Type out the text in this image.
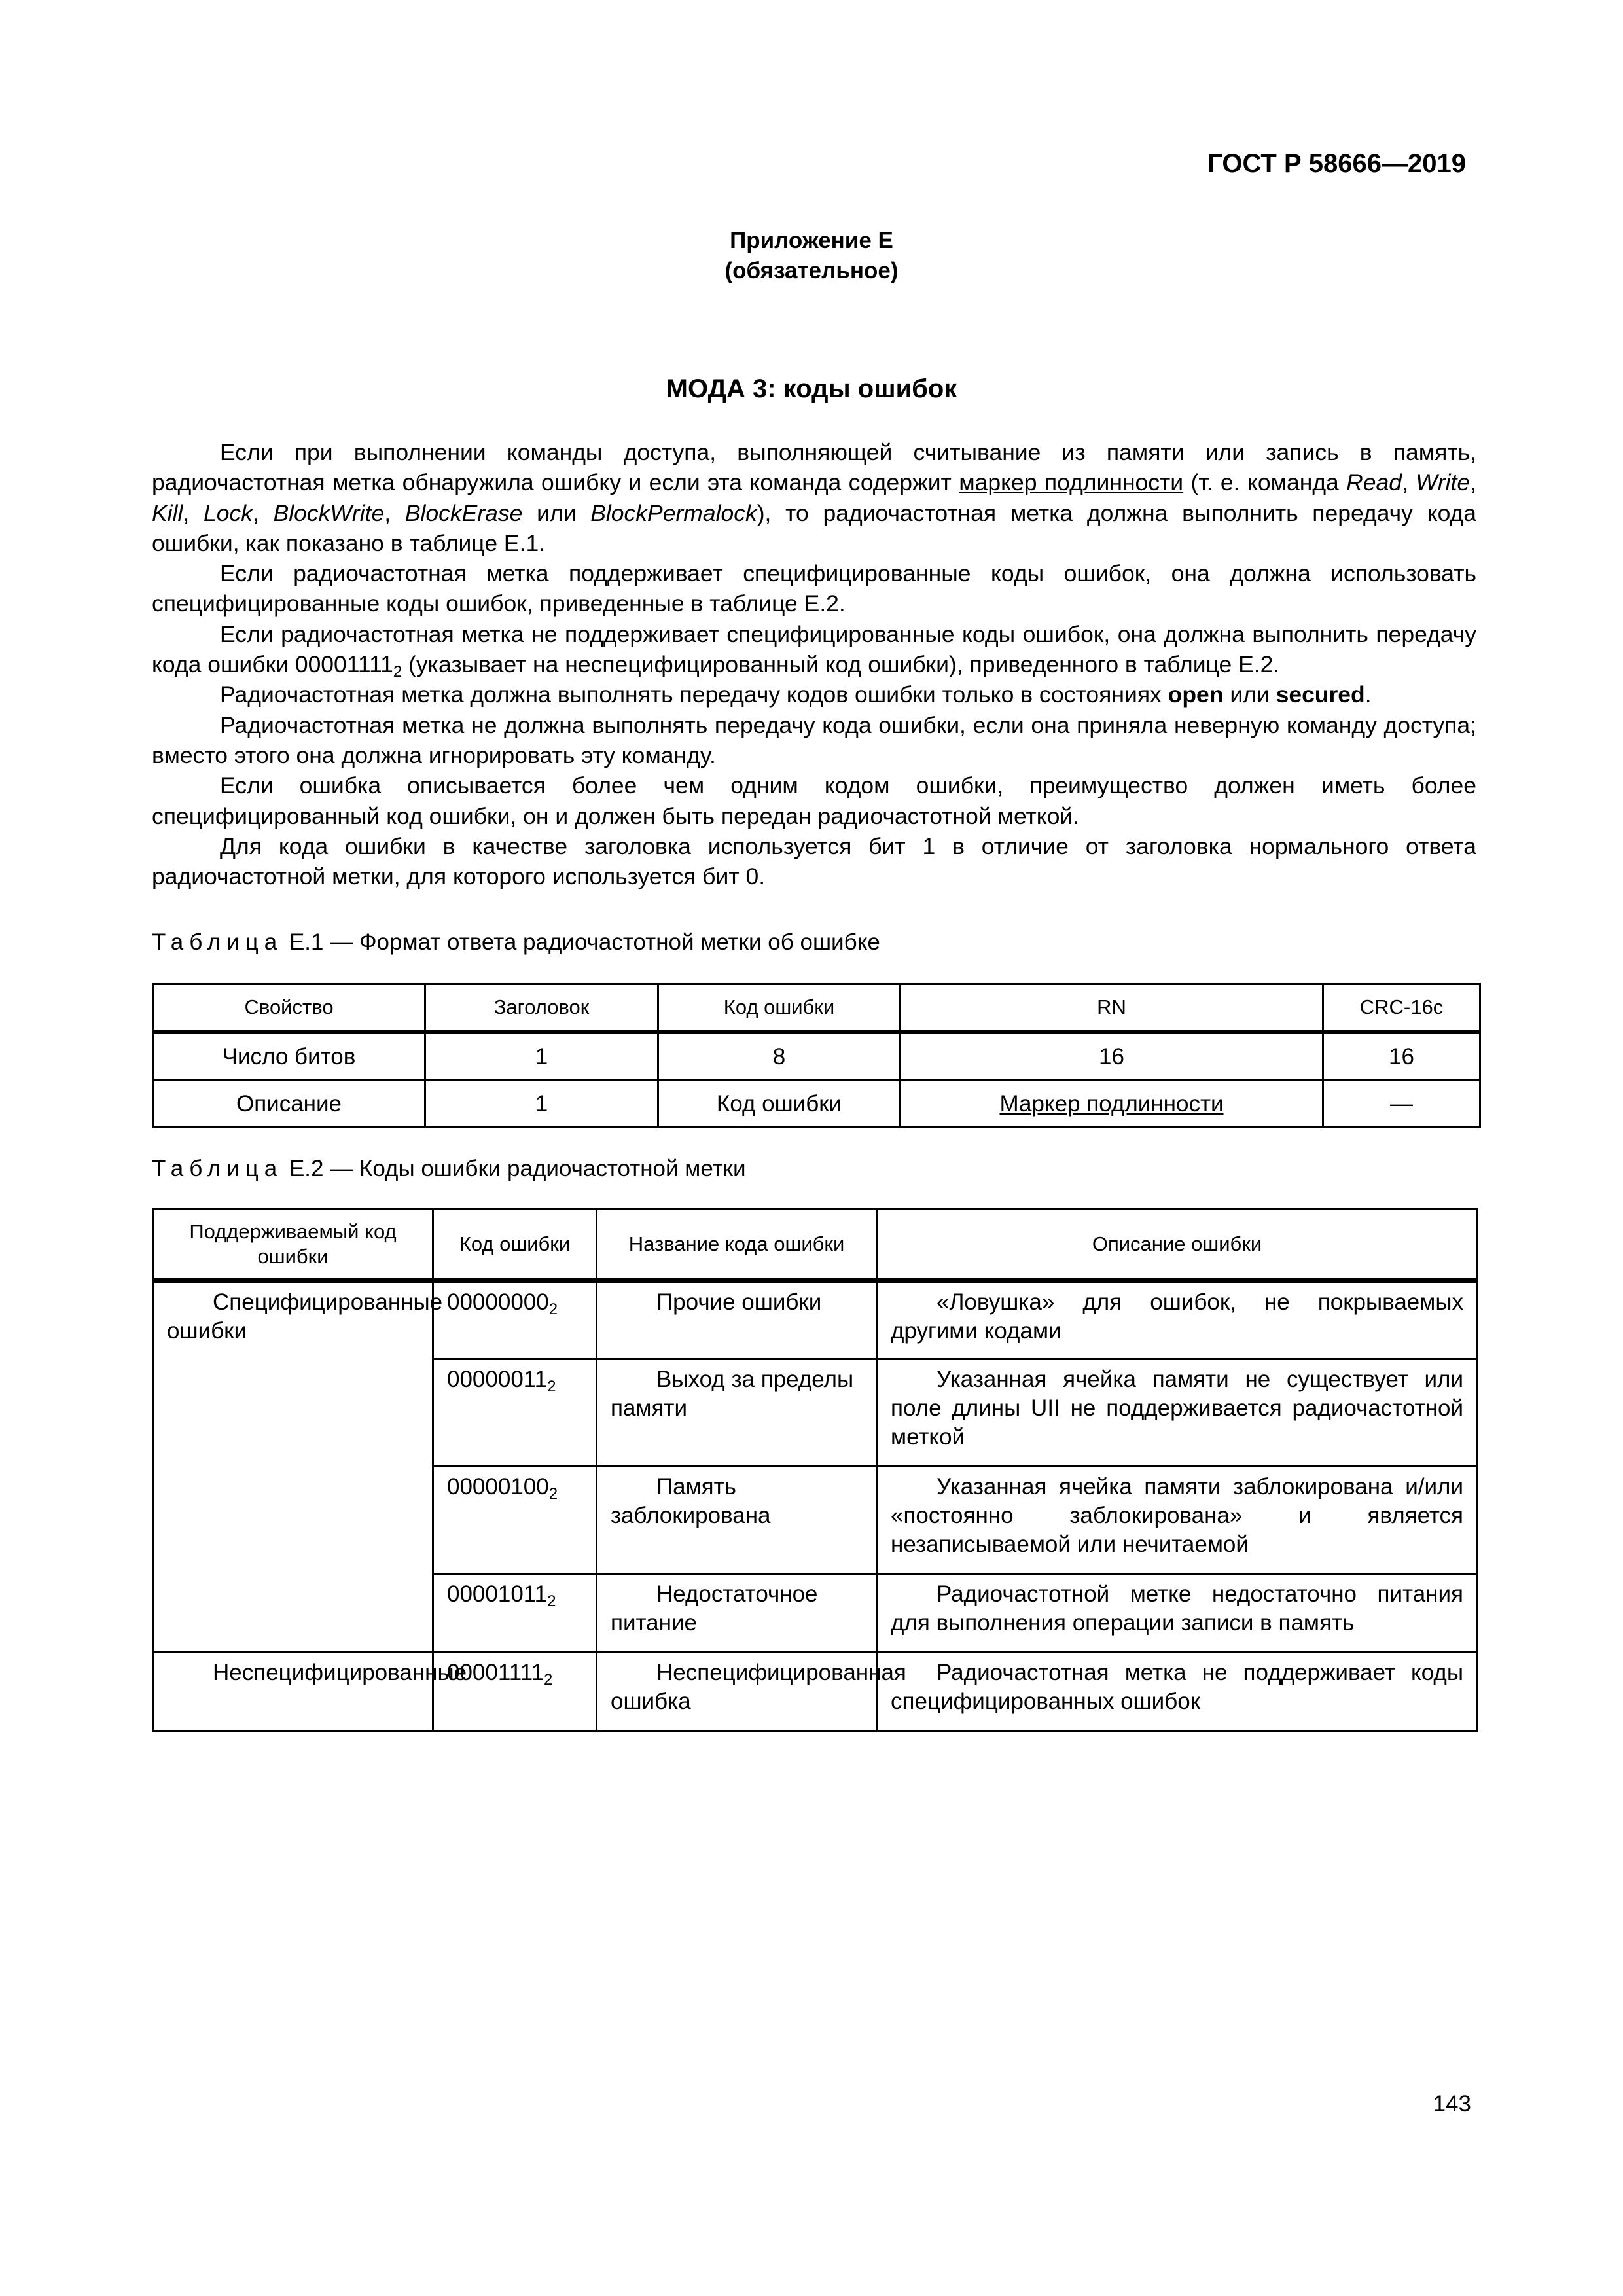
ГОСТ Р 58666—2019
Приложение Е
(обязательное)
МОДА 3: коды ошибок

Если при выполнении команды доступа, выполняющей считывание из памяти или запись в память, радиочастотная метка обнаружила ошибку и если эта команда содержит маркер подлинности (т. е. команда Read, Write, Kill, Lock, BlockWrite, BlockErase или BlockPermalock), то радиочастотная метка должна выполнить передачу кода ошибки, как показано в таблице Е.1.

Если радиочастотная метка поддерживает специфицированные коды ошибок, она должна использовать специфицированные коды ошибок, приведенные в таблице Е.2.

Если радиочастотная метка не поддерживает специфицированные коды ошибок, она должна выполнить передачу кода ошибки $00001111_2$ (указывает на неспецифицированный код ошибки), приведенного в таблице Е.2.

Радиочастотная метка должна выполнять передачу кодов ошибки только в состояниях open или secured.

Радиочастотная метка не должна выполнять передачу кода ошибки, если она приняла неверную команду доступа; вместо этого она должна игнорировать эту команду.

Если ошибка описывается более чем одним кодом ошибки, преимущество должен иметь более специфицированный код ошибки, он и должен быть передан радиочастотной меткой.

Для кода ошибки в качестве заголовка используется бит 1 в отличие от заголовка нормального ответа радиочастотной метки, для которого используется бит 0.

Таблица Е.1 — Формат ответа радиочастотной метки об ошибке
Свойство	Заголовок	Код ошибки	RN	CRC-16c
Число битов	1	8	16	16
Описание	1	Код ошибки	Маркер подлинности	—
Таблица Е.2 — Коды ошибки радиочастотной метки
Поддерживаемый код ошибки	Код ошибки	Название кода ошибки	Описание ошибки
Специфицированные ошибки	$00000000_2$	Прочие ошибки	«Ловушка» для ошибок, не покрываемых другими кодами
	$00000011_2$	Выход за пределы памяти	Указанная ячейка памяти не существует или поле длины UII не поддерживается радиочастотной меткой
	$00000100_2$	Память заблокирована	Указанная ячейка памяти заблокирована и/или «постоянно заблокирована» и является незаписываемой или нечитаемой
	$00001011_2$	Недостаточное питание	Радиочастотной метке недостаточно питания для выполнения операции записи в память
Неспецифицированные	$00001111_2$	Неспецифицированная ошибка	Радиочастотная метка не поддерживает коды специфицированных ошибок
143
